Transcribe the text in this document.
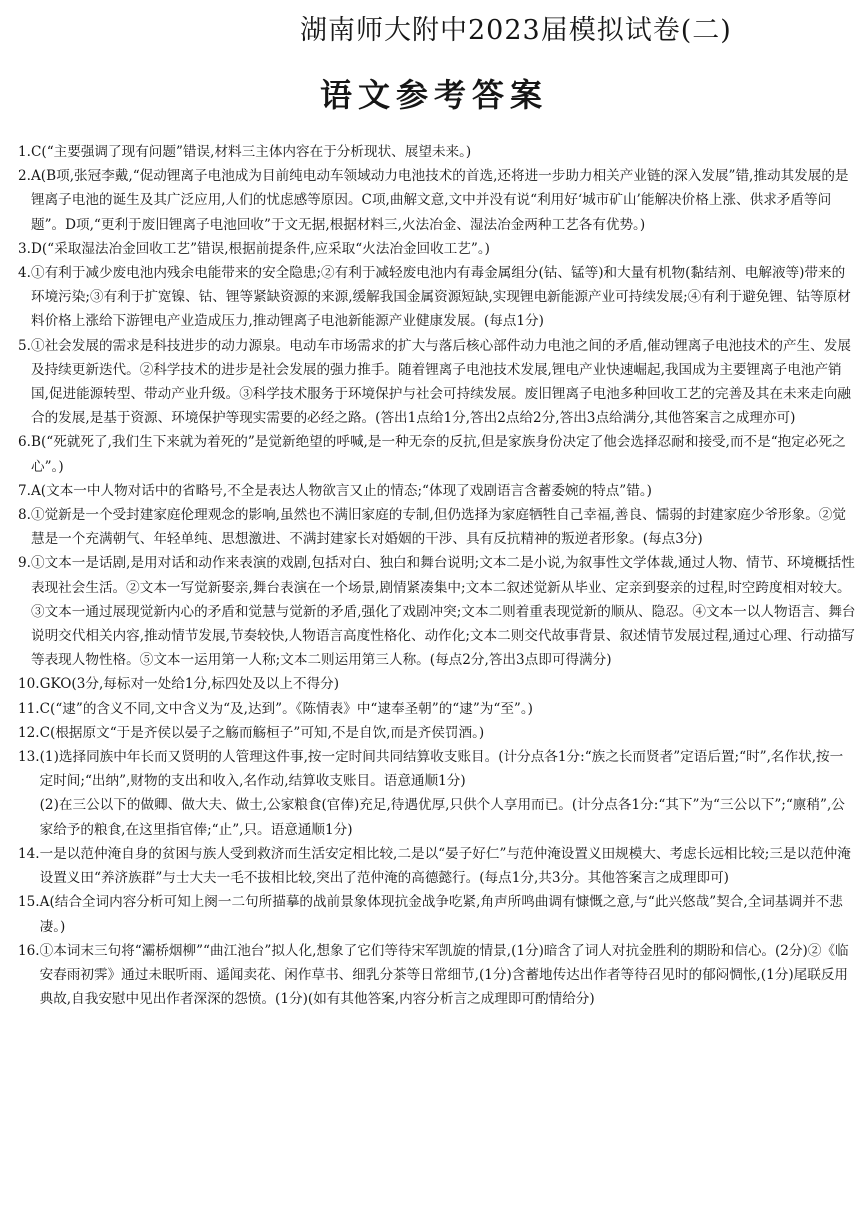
湖南师大附中2023届模拟试卷(二)
语文参考答案
1. C(“主要强调了现有问题”错误,材料三主体内容在于分析现状、展望未来。)
2. A(B项,张冠李戴,“促动锂离子电池成为目前纯电动车领域动力电池技术的首选,还将进一步助力相关产业链的深入发展”错,推动其发展的是锂离子电池的诞生及其广泛应用,人们的忧虑感等原因。C项,曲解文意,文中并没有说“利用好‘城市矿山’能解决价格上涨、供求矛盾等问题”。D项,“更利于废旧锂离子电池回收”于文无据,根据材料三,火法冶金、湿法冶金两种工艺各有优势。)
3. D(“采取湿法冶金回收工艺”错误,根据前提条件,应采取“火法冶金回收工艺”。)
4. ①有利于减少废电池内残余电能带来的安全隐患;②有利于减轻废电池内有毒金属组分(钴、锰等)和大量有机物(黏结剂、电解液等)带来的环境污染;③有利于扩宽镍、钴、锂等紧缺资源的来源,缓解我国金属资源短缺,实现锂电新能源产业可持续发展;④有利于避免锂、钴等原材料价格上涨给下游锂电产业造成压力,推动锂离子电池新能源产业健康发展。(每点1分)
5. ①社会发展的需求是科技进步的动力源泉。电动车市场需求的扩大与落后核心部件动力电池之间的矛盾,催动锂离子电池技术的产生、发展及持续更新迭代。②科学技术的进步是社会发展的强力推手。随着锂离子电池技术发展,锂电产业快速崛起,我国成为主要锂离子电池产销国,促进能源转型、带动产业升级。③科学技术服务于环境保护与社会可持续发展。废旧锂离子电池多种回收工艺的完善及其在未来走向融合的发展,是基于资源、环境保护等现实需要的必经之路。(答出1点给1分,答出2点给2分,答出3点给满分,其他答案言之成理亦可)
6. B(“死就死了,我们生下来就为着死的”是觉新绝望的呼喊,是一种无奈的反抗,但是家族身份决定了他会选择忍耐和接受,而不是“抱定必死之心”。)
7. A(文本一中人物对话中的省略号,不全是表达人物欲言又止的情态;“体现了戏剧语言含蓄委婉的特点”错。)
8. ①觉新是一个受封建家庭伦理观念的影响,虽然也不满旧家庭的专制,但仍选择为家庭牺牲自己幸福,善良、懦弱的封建家庭少爷形象。②觉慧是一个充满朝气、年轻单纯、思想激进、不满封建家长对婚姻的干涉、具有反抗精神的叛逆者形象。(每点3分)
9. ①文本一是话剧,是用对话和动作来表演的戏剧,包括对白、独白和舞台说明;文本二是小说,为叙事性文学体裁,通过人物、情节、环境概括性表现社会生活。②文本一写觉新娶亲,舞台表演在一个场景,剧情紧凑集中;文本二叙述觉新从毕业、定亲到娶亲的过程,时空跨度相对较大。③文本一通过展现觉新内心的矛盾和觉慧与觉新的矛盾,强化了戏剧冲突;文本二则着重表现觉新的顺从、隐忍。④文本一以人物语言、舞台说明交代相关内容,推动情节发展,节奏较快,人物语言高度性格化、动作化;文本二则交代故事背景、叙述情节发展过程,通过心理、行动描写等表现人物性格。⑤文本一运用第一人称;文本二则运用第三人称。(每点2分,答出3点即可得满分)
10. GKO(3分,每标对一处给1分,标四处及以上不得分)
11. C(“逮”的含义不同,文中含义为“及,达到”。《陈情表》中“逮奉圣朝”的“逮”为“至”。)
12. C(根据原文“于是齐侯以晏子之觞而觞桓子”可知,不是自饮,而是齐侯罚酒。)
13. (1)选择同族中年长而又贤明的人管理这件事,按一定时间共同结算收支账目。(计分点各1分:“族之长而贤者”定语后置;“时”,名作状,按一定时间;“出纳”,财物的支出和收入,名作动,结算收支账目。语意通顺1分)
(2)在三公以下的做卿、做大夫、做士,公家粮食(官俸)充足,待遇优厚,只供个人享用而已。(计分点各1分:“其下”为“三公以下”;“廪稍”,公家给予的粮食,在这里指官俸;“止”,只。语意通顺1分)
14. 一是以范仲淹自身的贫困与族人受到救济而生活安定相比较,二是以“晏子好仁”与范仲淹设置义田规模大、考虑长远相比较;三是以范仲淹设置义田“养济族群”与士大夫一毛不拔相比较,突出了范仲淹的高德懿行。(每点1分,共3分。其他答案言之成理即可)
15. A(结合全词内容分析可知上阕一二句所描摹的战前景象体现抗金战争吃紧,角声所鸣曲调有慷慨之意,与“此兴悠哉”契合,全词基调并不悲凄。)
16. ①本词末三句将“灞桥烟柳”“曲江池台”拟人化,想象了它们等待宋军凯旋的情景,(1分)暗含了词人对抗金胜利的期盼和信心。(2分)②《临安春雨初霁》通过未眠听雨、遥闻卖花、闲作草书、细乳分茶等日常细节,(1分)含蓄地传达出作者等待召见时的郁闷惆怅,(1分)尾联反用典故,自我安慰中见出作者深深的怨愤。(1分)(如有其他答案,内容分析言之成理即可酌情给分)
